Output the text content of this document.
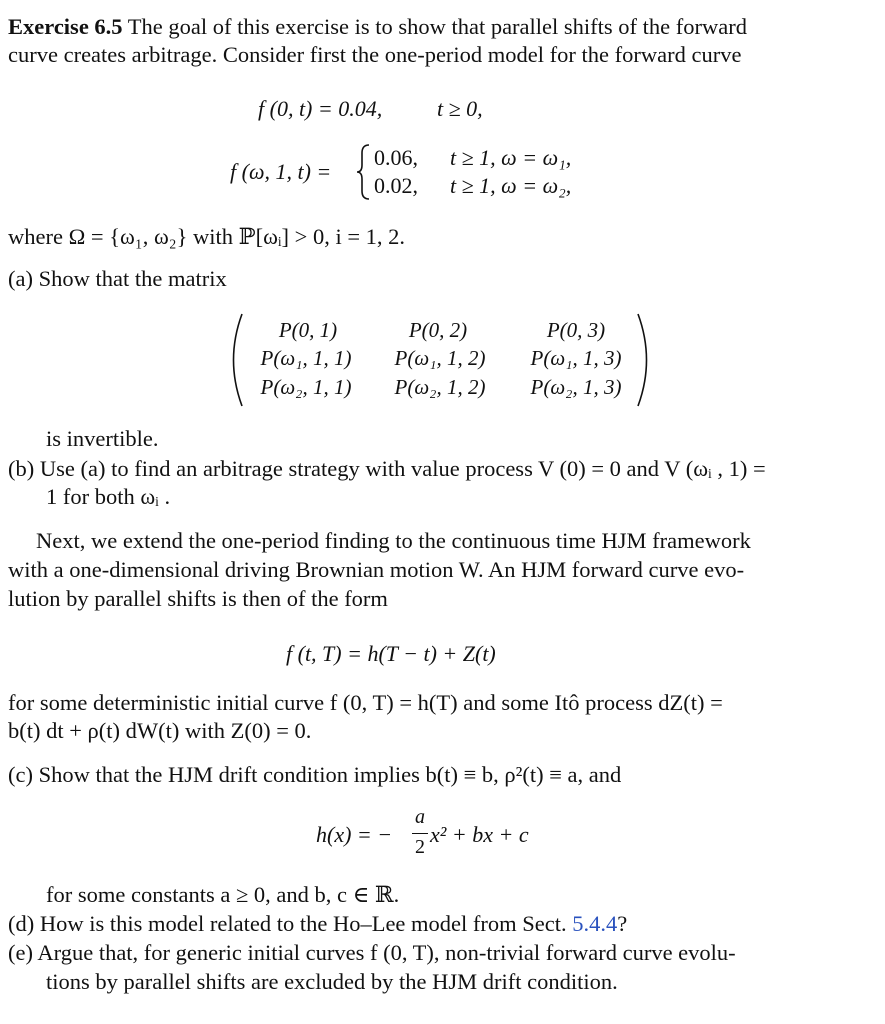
Exercise 6.5 The goal of this exercise is to show that parallel shifts of the forward
curve creates arbitrage. Consider first the one-period model for the forward curve
f (0, t) = 0.04, t ≥ 0,
f (ω, 1, t) =
0.06, t ≥ 1, ω = ω₁,
0.02, t ≥ 1, ω = ω₂,
where Ω = {ω₁, ω₂} with ℙ[ωᵢ] > 0, i = 1, 2.
(a) Show that the matrix
P(0, 1)	P(0, 2)	P(0, 3)
P(ω₁, 1, 1)	P(ω₁, 1, 2)	P(ω₁, 1, 3)
P(ω₂, 1, 1)	P(ω₂, 1, 2)	P(ω₂, 1, 3)
is invertible.
(b) Use (a) to find an arbitrage strategy with value process V (0) = 0 and V (ωᵢ , 1) =
1 for both ωᵢ .
Next, we extend the one-period finding to the continuous time HJM framework
with a one-dimensional driving Brownian motion W. An HJM forward curve evo-
lution by parallel shifts is then of the form
f (t, T) = h(T − t) + Z(t)
for some deterministic initial curve f (0, T) = h(T) and some Itô process dZ(t) =
b(t) dt + ρ(t) dW(t) with Z(0) = 0.
(c) Show that the HJM drift condition implies b(t) ≡ b, ρ²(t) ≡ a, and
h(x) = −
a
2 x² + bx + c
for some constants a ≥ 0, and b, c ∈ ℝ.
(d) How is this model related to the Ho–Lee model from Sect. 5.4.4?
(e) Argue that, for generic initial curves f (0, T), non-trivial forward curve evolu-
tions by parallel shifts are excluded by the HJM drift condition.
